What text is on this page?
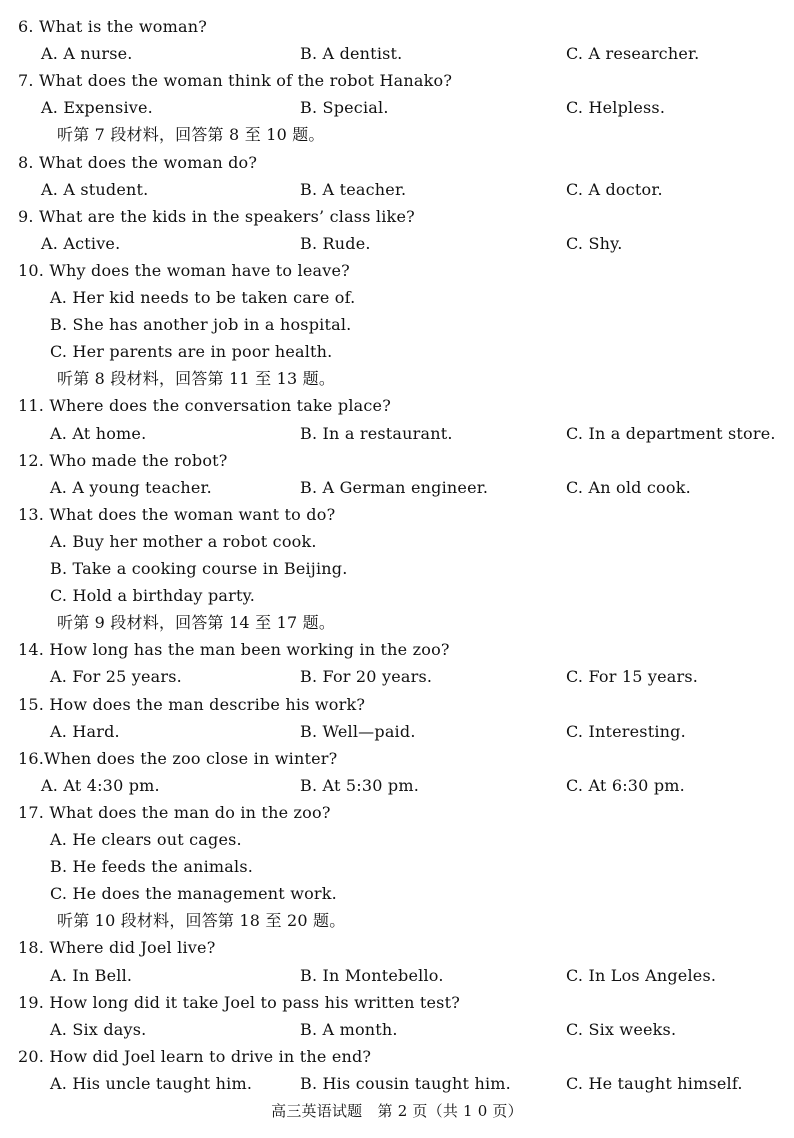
6. What is the woman?
A. A nurse.	B. A dentist.	C. A researcher.
7. What does the woman think of the robot Hanako?
A. Expensive.	B. Special.	C. Helpless.
听第 7 段材料，回答第 8 至 10 题。
8. What does the woman do?
A. A student.	B. A teacher.	C. A doctor.
9. What are the kids in the speakers’ class like?
A. Active.	B. Rude.	C. Shy.
10. Why does the woman have to leave?
A. Her kid needs to be taken care of.
B. She has another job in a hospital.
C. Her parents are in poor health.
听第 8 段材料，回答第 11 至 13 题。
11. Where does the conversation take place?
A. At home.	B. In a restaurant.	C. In a department store.
12. Who made the robot?
A. A young teacher.	B. A German engineer.	C. An old cook.
13. What does the woman want to do?
A. Buy her mother a robot cook.
B. Take a cooking course in Beijing.
C. Hold a birthday party.
听第 9 段材料，回答第 14 至 17 题。
14. How long has the man been working in the zoo?
A. For 25 years.	B. For 20 years.	C. For 15 years.
15. How does the man describe his work?
A. Hard.	B. Well—paid.	C. Interesting.
16.When does the zoo close in winter?
A. At 4:30 pm.	B. At 5:30 pm.	C. At 6:30 pm.
17. What does the man do in the zoo?
A. He clears out cages.
B. He feeds the animals.
C. He does the management work.
听第 10 段材料，回答第 18 至 20 题。
18. Where did Joel live?
A. In Bell.	B. In Montebello.	C. In Los Angeles.
19. How long did it take Joel to pass his written test?
A. Six days.	B. A month.	C. Six weeks.
20. How did Joel learn to drive in the end?
A. His uncle taught him.	B. His cousin taught him.	C. He taught himself.
高三英语试题　第 2 页（共 1 0 页）
